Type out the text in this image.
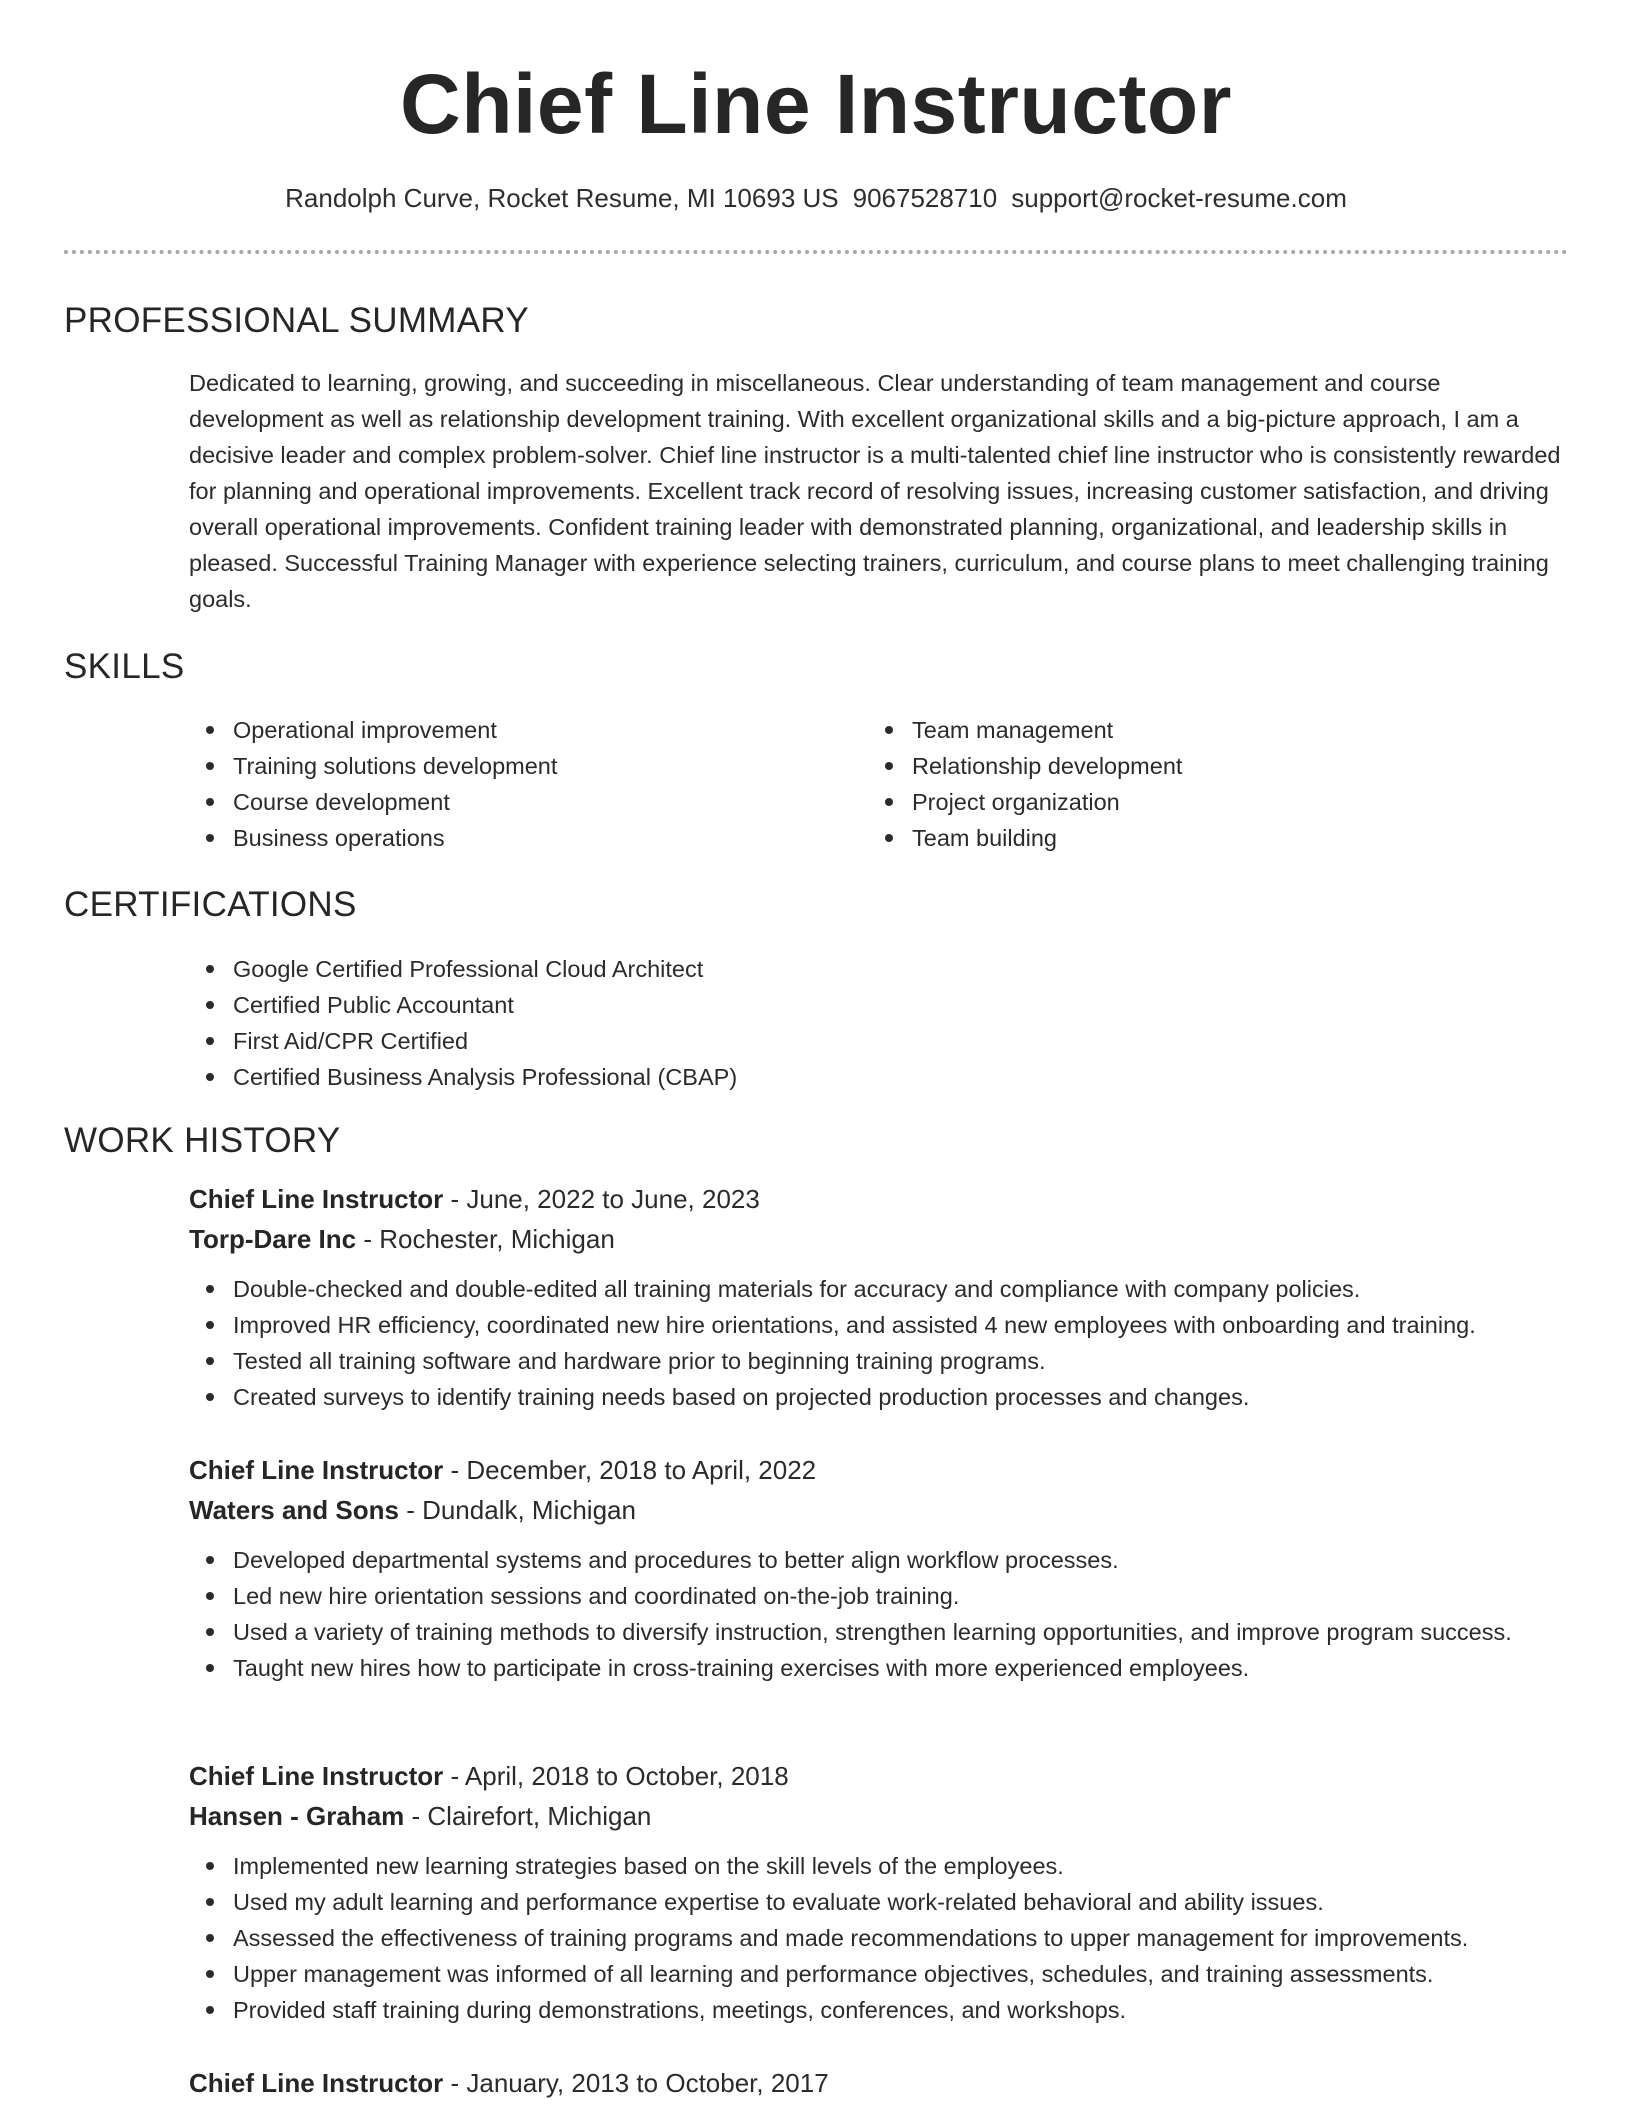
Chief Line Instructor
Randolph Curve, Rocket Resume, MI 10693 US 9067528710 support@rocket-resume.com
PROFESSIONAL SUMMARY
Dedicated to learning, growing, and succeeding in miscellaneous. Clear understanding of team management and course development as well as relationship development training. With excellent organizational skills and a big-picture approach, I am a decisive leader and complex problem-solver. Chief line instructor is a multi-talented chief line instructor who is consistently rewarded for planning and operational improvements. Excellent track record of resolving issues, increasing customer satisfaction, and driving overall operational improvements. Confident training leader with demonstrated planning, organizational, and leadership skills in pleased. Successful Training Manager with experience selecting trainers, curriculum, and course plans to meet challenging training goals.
SKILLS
Operational improvement
Training solutions development
Course development
Business operations
Team management
Relationship development
Project organization
Team building
CERTIFICATIONS
Google Certified Professional Cloud Architect
Certified Public Accountant
First Aid/CPR Certified
Certified Business Analysis Professional (CBAP)
WORK HISTORY
Chief Line Instructor - June, 2022 to June, 2023
Torp-Dare Inc - Rochester, Michigan
Double-checked and double-edited all training materials for accuracy and compliance with company policies.
Improved HR efficiency, coordinated new hire orientations, and assisted 4 new employees with onboarding and training.
Tested all training software and hardware prior to beginning training programs.
Created surveys to identify training needs based on projected production processes and changes.
Chief Line Instructor - December, 2018 to April, 2022
Waters and Sons - Dundalk, Michigan
Developed departmental systems and procedures to better align workflow processes.
Led new hire orientation sessions and coordinated on-the-job training.
Used a variety of training methods to diversify instruction, strengthen learning opportunities, and improve program success.
Taught new hires how to participate in cross-training exercises with more experienced employees.
Chief Line Instructor - April, 2018 to October, 2018
Hansen - Graham - Clairefort, Michigan
Implemented new learning strategies based on the skill levels of the employees.
Used my adult learning and performance expertise to evaluate work-related behavioral and ability issues.
Assessed the effectiveness of training programs and made recommendations to upper management for improvements.
Upper management was informed of all learning and performance objectives, schedules, and training assessments.
Provided staff training during demonstrations, meetings, conferences, and workshops.
Chief Line Instructor - January, 2013 to October, 2017
